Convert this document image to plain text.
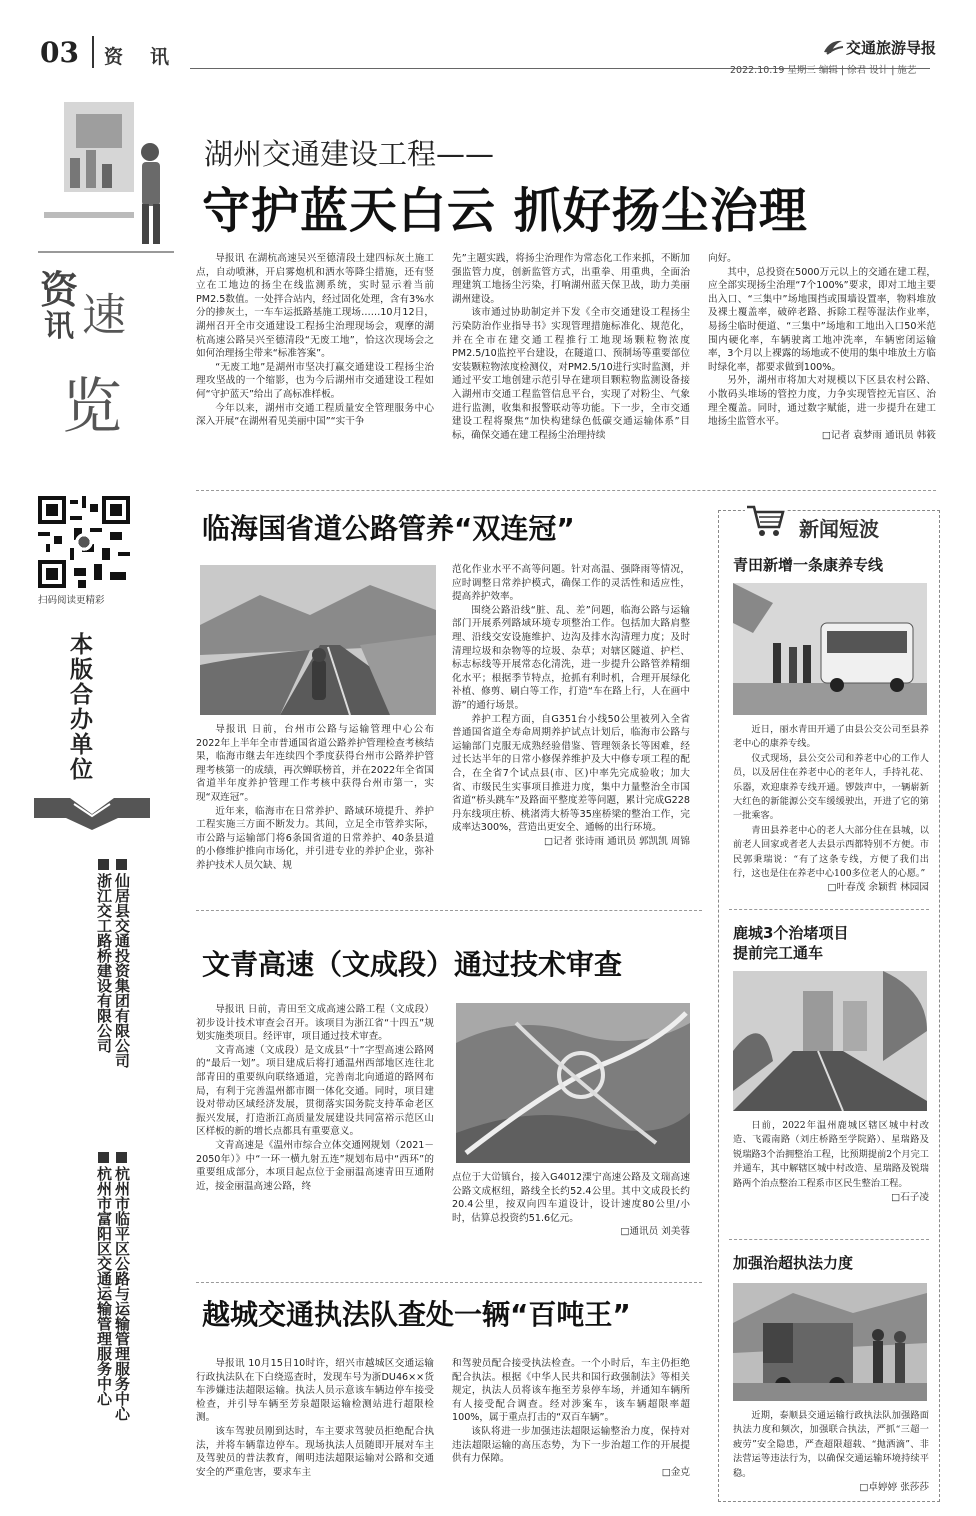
03 资　讯	交通旅游导报
2022.10.19 星期三 编辑 | 徐君 设计 | 施艺
资
讯 速
览
扫码阅读更精彩
本版合办单位
仙居县交通投资集团有限公司
浙江交工路桥建设有限公司
杭州市临平区公路与运输管理服务中心
杭州市富阳区交通运输管理服务中心
湖州交通建设工程——
守护蓝天白云 抓好扬尘治理

导报讯 在湖杭高速吴兴至德清段土建四标灰土施工点，自动喷淋，开启雾炮机和洒水等降尘措施，还有竖立在工地边的扬尘在线监测系统，实时显示着当前PM2.5数值。一处拌合站内，经过固化处理，含有3%水分的掺灰土，一车车运抵路基施工现场……10月12日，湖州召开全市交通建设工程扬尘治理现场会，观摩的湖杭高速公路吴兴至德清段“无废工地”，恰这次现场会之如何治理扬尘带来“标准答案”。

“无废工地”是湖州市坚决打赢交通建设工程扬尘治理攻坚战的一个缩影，也为今后湖州市交通建设工程如何“守护蓝天”给出了高标准样板。

今年以来，湖州市交通工程质量安全管理服务中心深入开展“在湖州看见美丽中国”“实干争

先”主题实践，将扬尘治理作为常态化工作来抓，不断加强监管力度，创新监管方式，出重拳、用重典，全面治理建筑工地扬尘污染，打响湖州蓝天保卫战，助力美丽湖州建设。

该市通过协助制定并下发《全市交通建设工程扬尘污染防治作业指导书》实现管理措施标准化、规范化，并在全市在建交通工程推行工地现场颗粒物浓度PM2.5/10监控平台建设，在隧道口、预制场等重要部位安装颗粒物浓度检测仪，对PM2.5/10进行实时监测，并通过平安工地创建示范引导在建项目颗粒物监测设备接入湖州市交通工程监管信息平台，实现了对粉尘、气象进行监测，收集和报警联动等功能。下一步，全市交通建设工程将聚焦“加快构建绿色低碳交通运输体系”目标，确保交通在建工程扬尘治理持续

向好。

其中，总投资在5000万元以上的交通在建工程，应全部实现扬尘治理“7个100%”要求，即对工地主要出入口、“三集中”场地围挡或围墙设置率，物料堆放及裸土覆盖率，破碎老路、拆除工程等湿法作业率，易扬尘临时便道、“三集中”场地和工地出入口50米范围内硬化率，车辆驶离工地冲洗率，车辆密闭运输率，3个月以上裸露的场地或不使用的集中堆放土方临时绿化率，都要求做到100%。

另外，湖州市将加大对规模以下区县农村公路、小散码头堆场的管控力度，力争实现管控无盲区、治理全覆盖。同时，通过数字赋能，进一步提升在建工地扬尘监管水平。

□记者 袁梦雨 通讯员 韩筱
临海国省道公路管养“双连冠”

导报讯 日前，台州市公路与运输管理中心公布2022年上半年全市普通国省道公路养护管理检查考核结果，临海市继去年连续四个季度获得台州市公路养护管理考核第一的成绩，再次蝉联榜首，并在2022年全省国省道半年度养护管理工作考核中获得台州市第一，实现“双连冠”。

近年来，临海市在日常养护、路域环境提升、养护工程实施三方面不断发力。其间，立足全市管养实际，市公路与运输部门将6条国省道的日常养护、40条县道的小修维护推向市场化，并引进专业的养护企业，弥补养护技术人员欠缺、规

范化作业水平不高等问题。针对高温、强降雨等情况，应时调整日常养护模式，确保工作的灵活性和适应性，提高养护效率。

围绕公路沿线“脏、乱、差”问题，临海公路与运输部门开展系列路域环境专项整治工作。包括加大路肩整理、沿线交安设施维护、边沟及排水沟清理力度；及时清理垃圾和杂物等的垃圾、杂草；对辖区隧道、护栏、标志标线等开展常态化清洗，进一步提升公路管养精细化水平；根据季节特点，抢抓有利时机，合理开展绿化补植、修剪、刷白等工作，打造“车在路上行，人在画中游”的通行场景。

养护工程方面，自G351台小线50公里被列入全省普通国省道全寿命周期养护试点计划后，临海市公路与运输部门克服无成熟经验借鉴、管理领条长等困难，经过长达半年的日常小修保养维护及大中修专项工程的配合，在全省7个试点县(市、区)中率先完成验收；加大省、市级民生实事项目推进力度，集中力量整治全市国省道“桥头跳车”及路面平整度差等问题，累计完成G228丹东线项庄桥、桃渚湾大桥等35座桥梁的整治工作，完成率达300%，营造出更安全、通畅的出行环境。

□记者 张诗雨 通讯员 郭凯凯 周锦
文青高速（文成段）通过技术审查

导报讯 日前，青田至文成高速公路工程（文成段）初步设计技术审查会召开。该项目为浙江省“十四五”规划实施类项目。经评审，项目通过技术审查。

文青高速（文成段）是文成县“十”字型高速公路网的“最后一划”。项目建成后将打通温州西部地区连往北部青田的重要纵向联络通道，完善南北向通道的路网布局，有利于完善温州都市圈一体化交通。同时，项目建设对带动区域经济发展，贯彻落实国务院支持革命老区振兴发展，打造浙江高质量发展建设共同富裕示范区山区样板的新的增长点都具有重要意义。

文青高速是《温州市综合立体交通网规划（2021－2050年）》中“一环一横九射五连”规划布局中“西环”的重要组成部分，本项目起点位于金丽温高速青田互通附近，接金丽温高速公路，终

点位于大峃镇台，接入G4012溧宁高速公路及文瑞高速公路文成枢纽，路线全长约52.4公里。其中文成段长约20.4公里，按双向四车道设计，设计速度80公里/小时，估算总投资约51.6亿元。

□通讯员 刘美蓉
越城交通执法队查处一辆“百吨王”

导报讯 10月15日10时许，绍兴市越城区交通运输行政执法队在下白绕巡查时，发现车号为浙DU46××货车涉嫌违法超限运输。执法人员示意该车辆边停车接受检查，并引导车辆至芳泉超限运输检测站进行超限检测。

该车驾驶员刚到达时，车主要求驾驶员拒绝配合执法，并将车辆靠边停车。现场执法人员随即开展对车主及驾驶员的普法教育，阐明违法超限运输对公路和交通安全的严重危害，要求车主

和驾驶员配合接受执法检查。一个小时后，车主仍拒绝配合执法。根据《中华人民共和国行政强制法》等相关规定，执法人员将该车拖至芳泉停车场，并通知车辆所有人接受配合调查。经对涉案车，该车辆超限率超100%，属于重点打击的“双百车辆”。

该队将进一步加强违法超限运输整治力度，保持对违法超限运输的高压态势，为下一步治超工作的开展提供有力保障。

□金克
新闻短波
青田新增一条康养专线

近日，丽水青田开通了由县公交公司至县养老中心的康养专线。

仪式现场，县公交公司和养老中心的工作人员，以及居住在养老中心的老年人，手持礼花、乐器，欢迎康养专线开通。锣鼓声中，一辆崭新大红色的新能源公交车缓缓驶出，开进了它的第一批乘客。

青田县养老中心的老人大部分住在县城，以前老人回家或者老人去县示西都特别不方便。市民郭秉瑞说：“有了这条专线，方便了我们出行，这也是住在养老中心100多位老人的心愿。”

□叶春茂 余颖哲 林园园
鹿城3个治堵项目
提前完工通车

日前，2022年温州鹿城区辖区城中村改造、飞霞南路（刘庄桥路至学院路）、星瑞路及锐瑞路3个治拥整治工程，比预期提前2个月完工并通车，其中解辖区城中村改造、星瑞路及锐瑞路两个治点整治工程系市区民生整治工程。

□石子凌
加强治超执法力度

近期，泰顺县交通运输行政执法队加强路面执法力度和频次，加强联合执法，严抓“三超一疲劳”安全隐患，严查超限超载、“抛洒滴”、非法营运等违法行为，以确保交通运输环境持续平稳。

□卓婷婷 张莎莎
